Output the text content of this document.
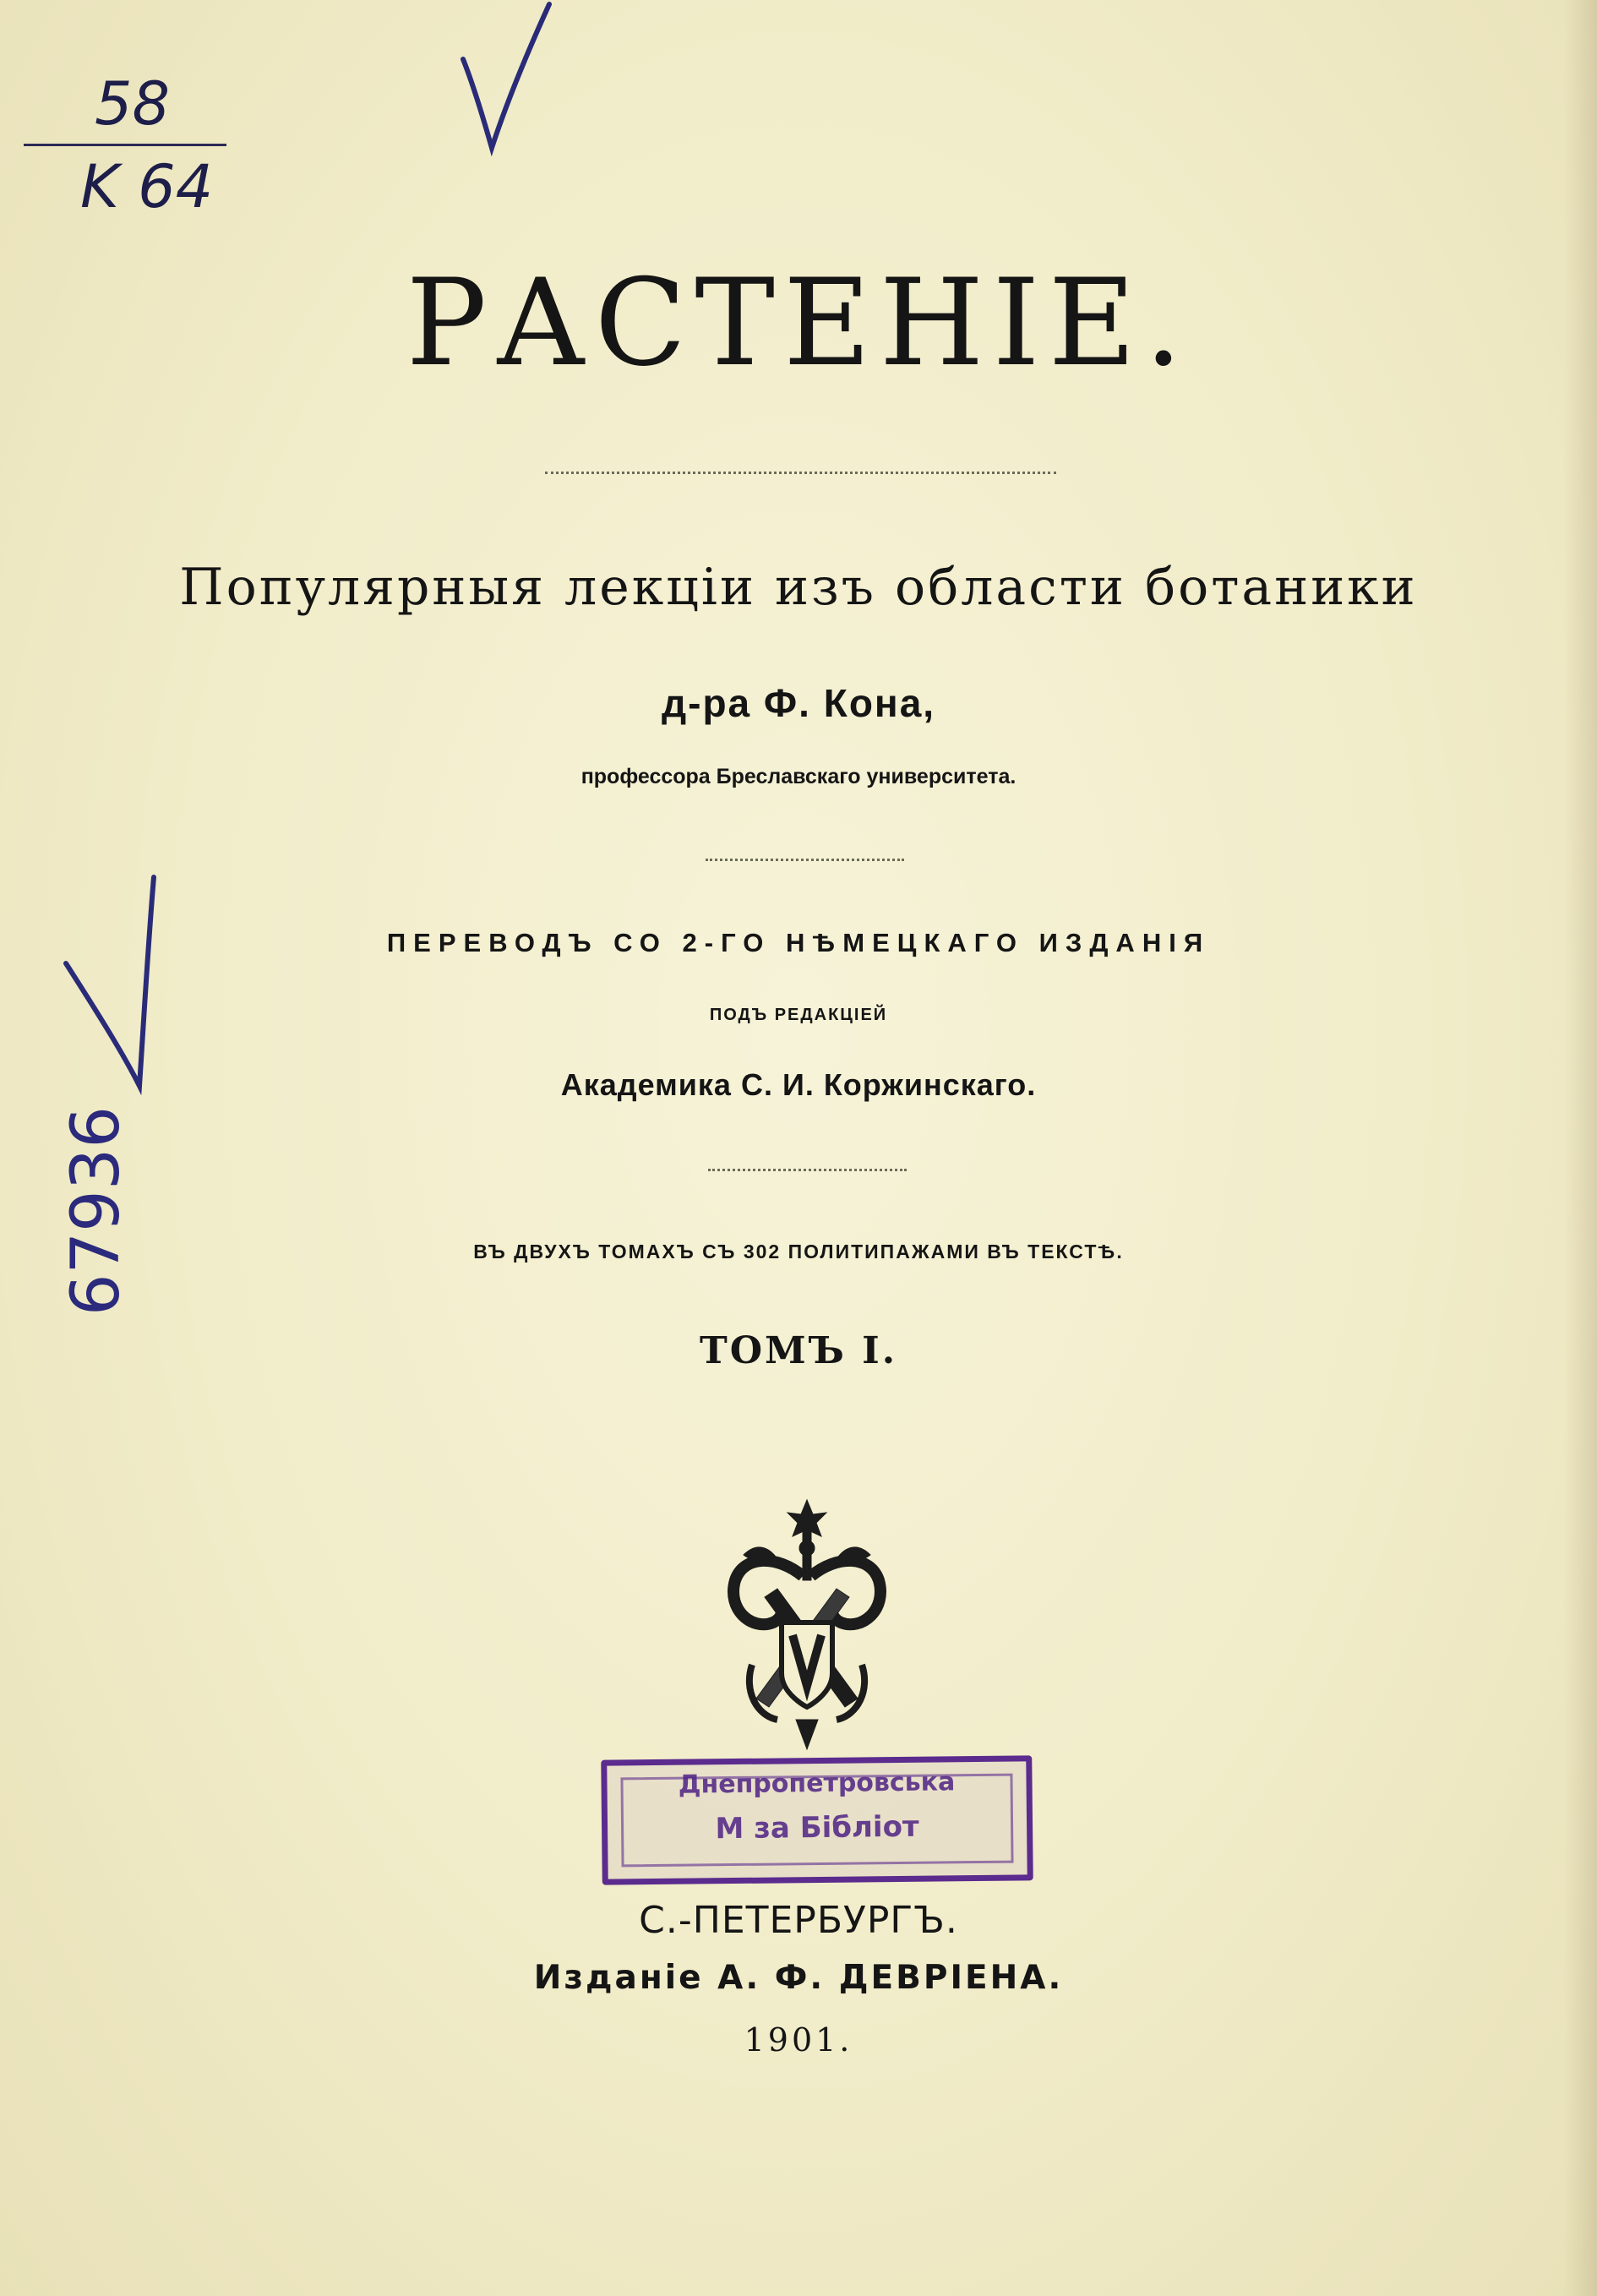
58
K 64
67936
РАСТЕНІЕ.
Популярныя лекціи изъ области ботаники
д-ра Ф. Кона,
профессора Бреславскаго университета.
ПЕРЕВОДЪ СО 2-ГО НѢМЕЦКАГО ИЗДАНІЯ
ПОДЪ РЕДАКЦІЕЙ
Академика С. И. Коржинскаго.
ВЪ ДВУХЪ ТОМАХЪ СЪ 302 ПОЛИТИПАЖАМИ ВЪ ТЕКСТѢ.
ТОМЪ I.
Днепропетровська
М за Бібліот
С.-ПЕТЕРБУРГЪ.
Изданіе А. Ф. ДЕВРІЕНА.
1901.
